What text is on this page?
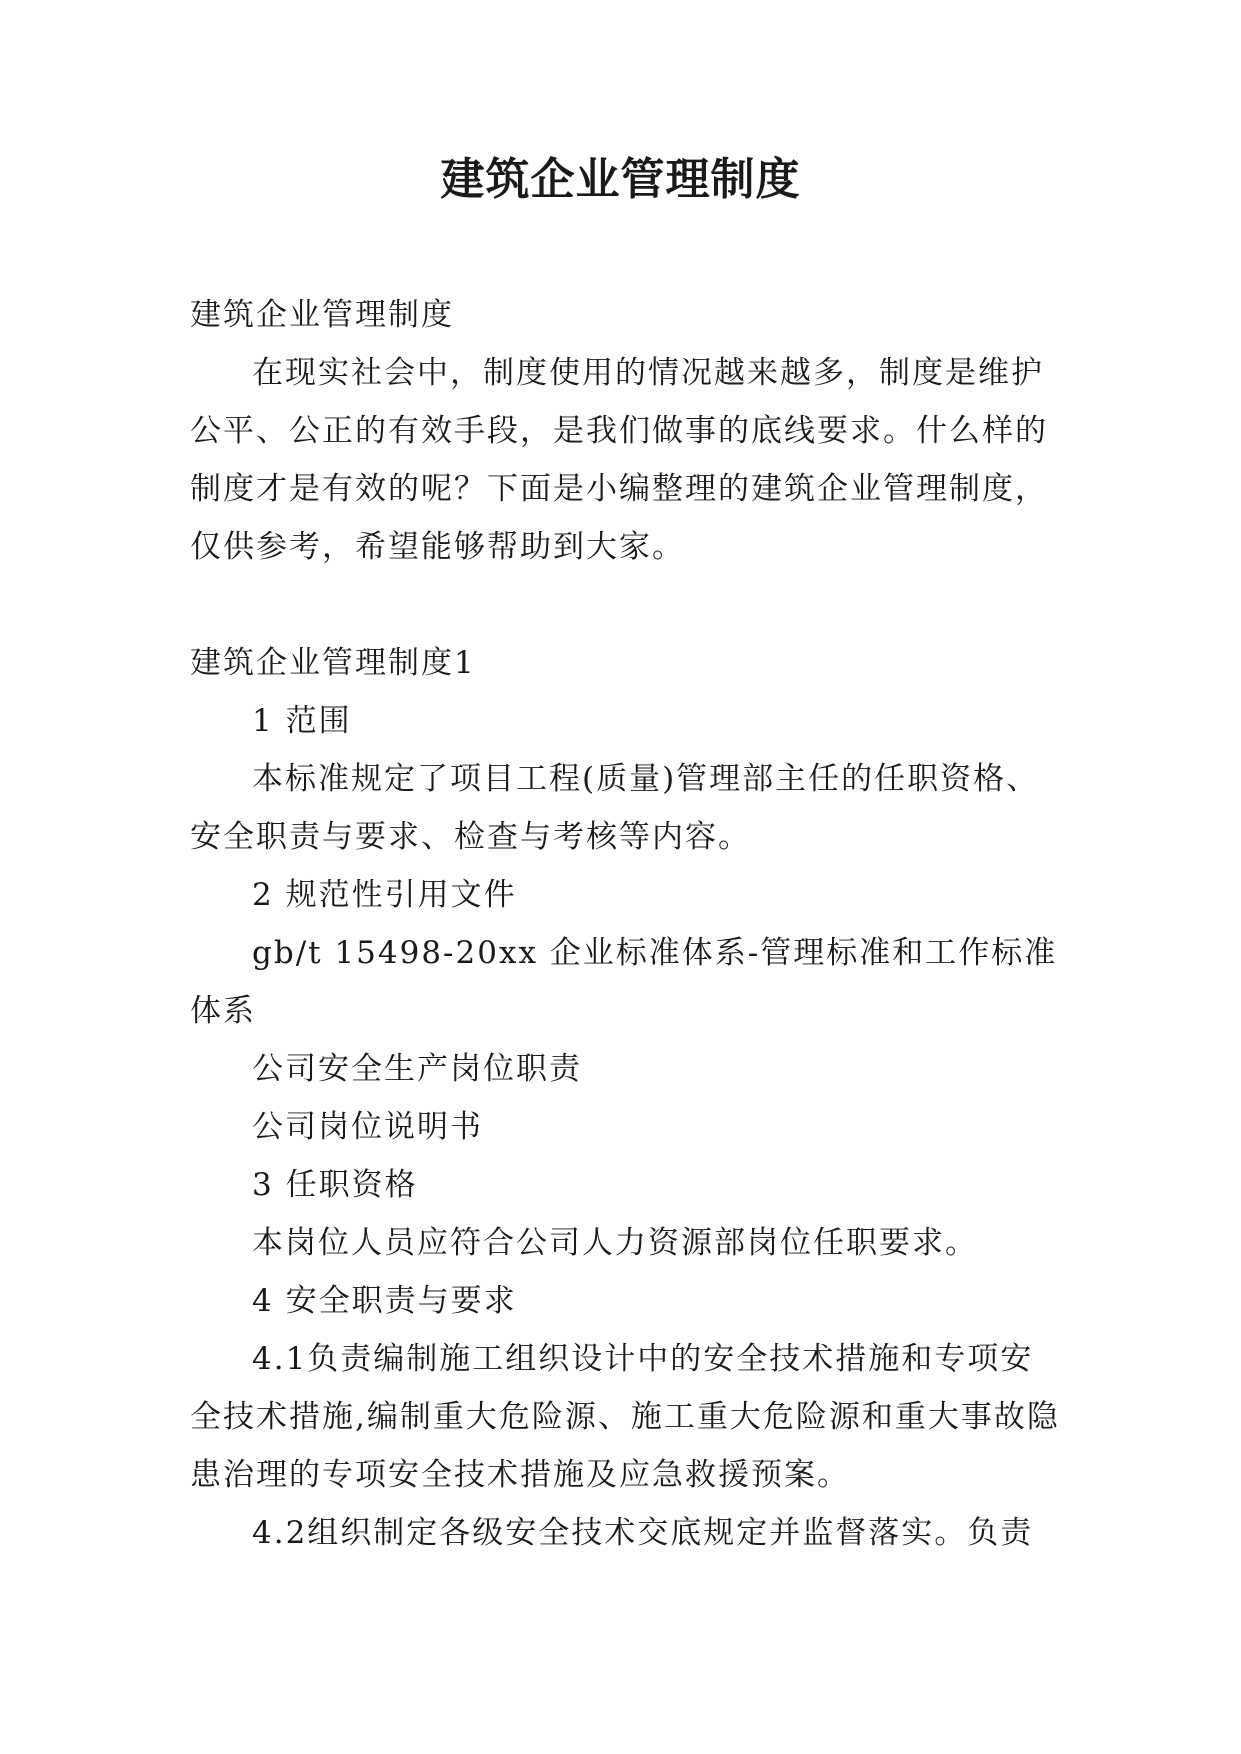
建筑企业管理制度

建筑企业管理制度

在现实社会中，制度使用的情况越来越多，制度是维护公平、公正的有效手段，是我们做事的底线要求。什么样的制度才是有效的呢？下面是小编整理的建筑企业管理制度，仅供参考，希望能够帮助到大家。

建筑企业管理制度1

1 范围

本标准规定了项目工程(质量)管理部主任的任职资格、安全职责与要求、检查与考核等内容。

2 规范性引用文件

gb/t 15498-20xx 企业标准体系-管理标准和工作标准体系

公司安全生产岗位职责

公司岗位说明书

3 任职资格

本岗位人员应符合公司人力资源部岗位任职要求。

4 安全职责与要求

4.1负责编制施工组织设计中的安全技术措施和专项安全技术措施,编制重大危险源、施工重大危险源和重大事故隐患治理的专项安全技术措施及应急救援预案。

4.2组织制定各级安全技术交底规定并监督落实。负责
